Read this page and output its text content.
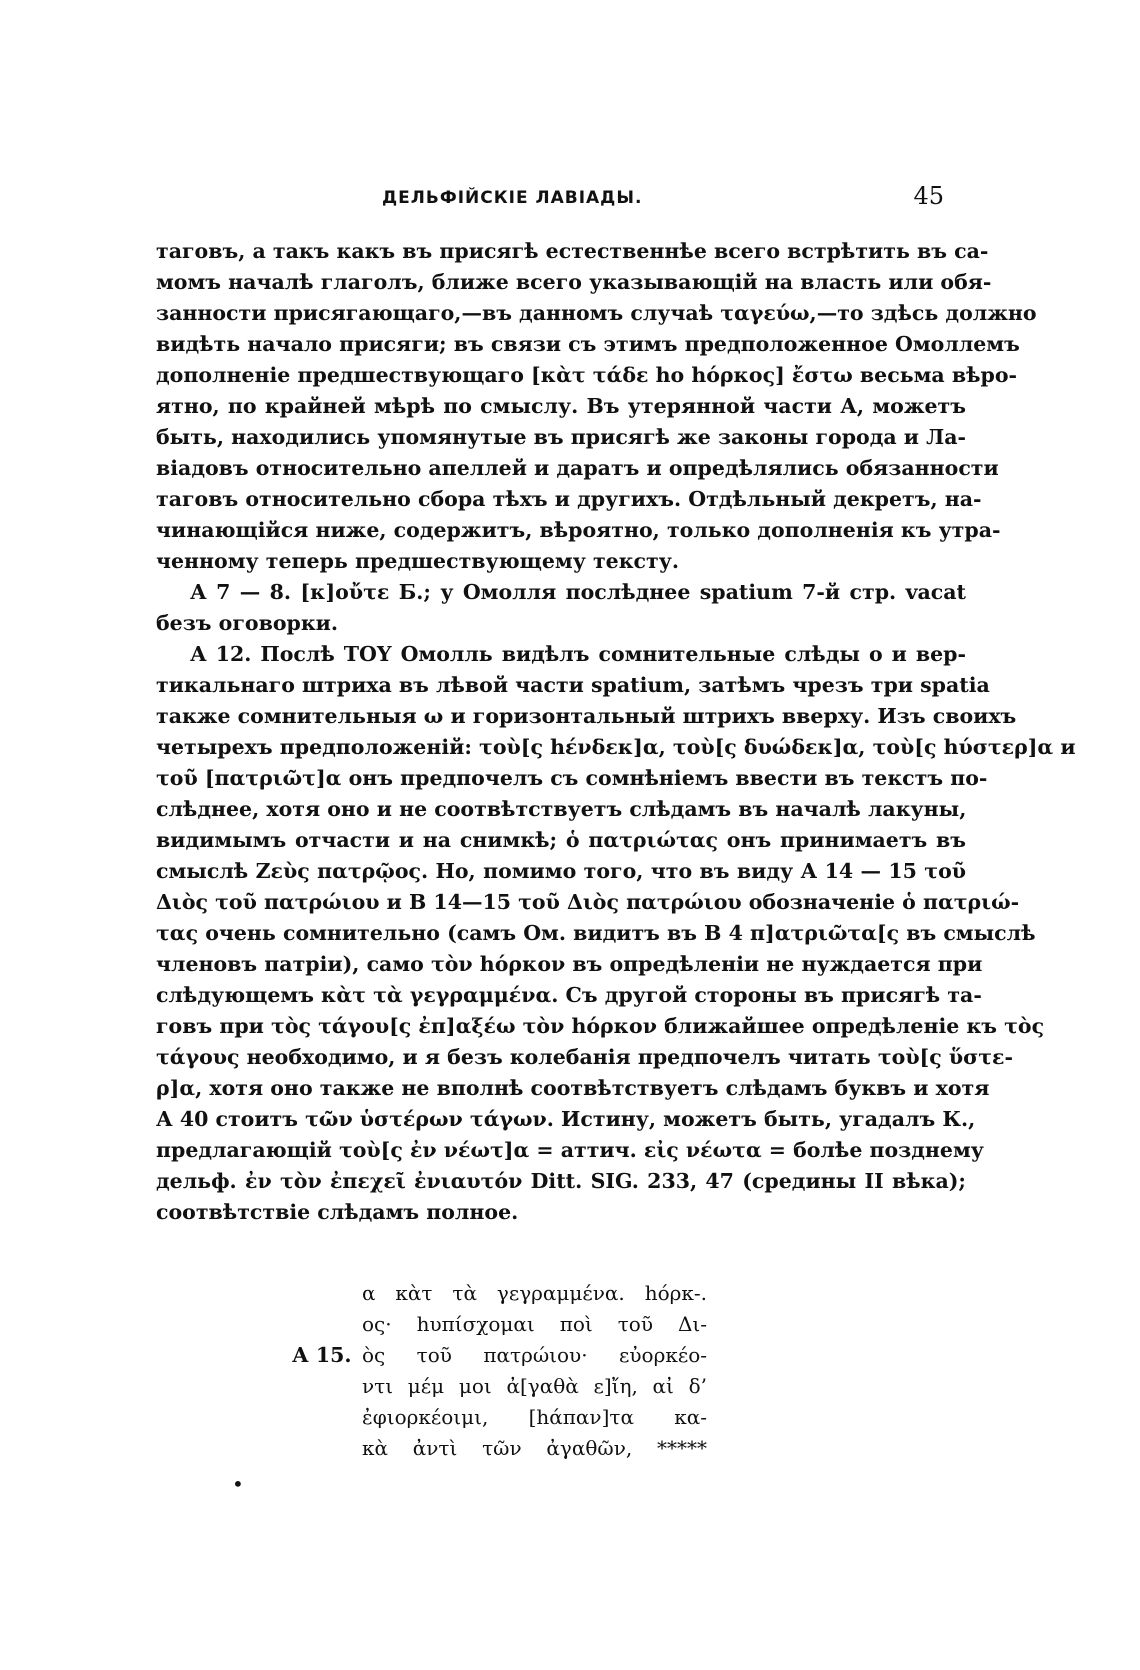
ДЕЛЬФІЙСКІЕ ЛАВІАДЫ.	45
таговъ, а такъ какъ въ присягѣ естественнѣе всего встрѣтить въ са-
момъ началѣ глаголъ, ближе всего указывающій на власть или обя-
занности присягающаго,—въ данномъ случаѣ ταγεύω,—то здѣсь должно
видѣть начало присяги; въ связи съ этимъ предположенное Омоллемъ
дополненіе предшествующаго [κὰτ τάδε ho hόρκος] ἔστω весьма вѣро-
ятно, по крайней мѣрѣ по смыслу. Въ утерянной части А, можетъ
быть, находились упомянутые въ присягѣ же законы города и Ла-
віадовъ относительно апеллей и даратъ и опредѣлялись обязанности
таговъ относительно сбора тѣхъ и другихъ. Отдѣльный декретъ, на-
чинающійся ниже, содержитъ, вѣроятно, только дополненія къ утра-
ченному теперь предшествующему тексту.
А 7 — 8. [κ]οὔτε Б.; у Омолля послѣднее spatium 7-й стр. vacat
безъ оговорки.
А 12. Послѣ ΤΟΥ Омолль видѣлъ сомнительные слѣды ο и вер-
тикальнаго штриха въ лѣвой части spatium, затѣмъ чрезъ три spatia
также сомнительныя ω и горизонтальный штрихъ вверху. Изъ своихъ
четырехъ предположеній: τοὺ[ς hένδεκ]α, τοὺ[ς δυώδεκ]α, τοὺ[ς hύστερ]α и
τοῦ [πατριῶτ]α онъ предпочелъ съ сомнѣніемъ ввести въ текстъ по-
слѣднее, хотя оно и не соотвѣтствуетъ слѣдамъ въ началѣ лакуны,
видимымъ отчасти и на снимкѣ; ὁ πατριώτας онъ принимаетъ въ
смыслѣ Ζεὺς πατρῷος. Но, помимо того, что въ виду А 14 — 15 τοῦ
Διὸς τοῦ πατρώιου и В 14—15 τοῦ Διὸς πατρώιου обозначеніе ὁ πατριώ-
τας очень сомнительно (самъ Ом. видитъ въ В 4 π]ατριῶτα[ς въ смыслѣ
членовъ патріи), само τὸν hόρκον въ опредѣленіи не нуждается при
слѣдующемъ κὰτ τὰ γεγραμμένα. Съ другой стороны въ присягѣ та-
говъ при τὸς τάγου[ς ἐπ]αξέω τὸν hόρκον ближайшее опредѣленіе къ τὸς
τάγους необходимо, и я безъ колебанія предпочелъ читать τοὺ[ς ὕστε-
ρ]α, хотя оно также не вполнѣ соотвѣтствуетъ слѣдамъ буквъ и хотя
А 40 стоитъ τῶν ὑστέρων τάγων. Истину, можетъ быть, угадалъ К.,
предлагающій τοὺ[ς ἐν νέωτ]α = аттич. εἰς νέωτα = болѣе позднему
дельф. ἐν τὸν ἐπεχεῖ ἐνιαυτόν Ditt. SIG. 233, 47 (средины II вѣка);
соотвѣтствіе слѣдамъ полное.
А 15.
α κὰτ τὰ γεγραμμένα. hόρκ-.
ος· hυπίσχομαι ποὶ τοῦ Δι-
ὸς τοῦ πατρώιου· εὐορκέο-
ντι μέμ μοι ἀ[γαθὰ ε]ἴη, αἰ δ’
ἐφιορκέοιμι, [hάπαν]τα κα-
κὰ ἀντὶ τῶν ἀγαθῶν, *****
•
